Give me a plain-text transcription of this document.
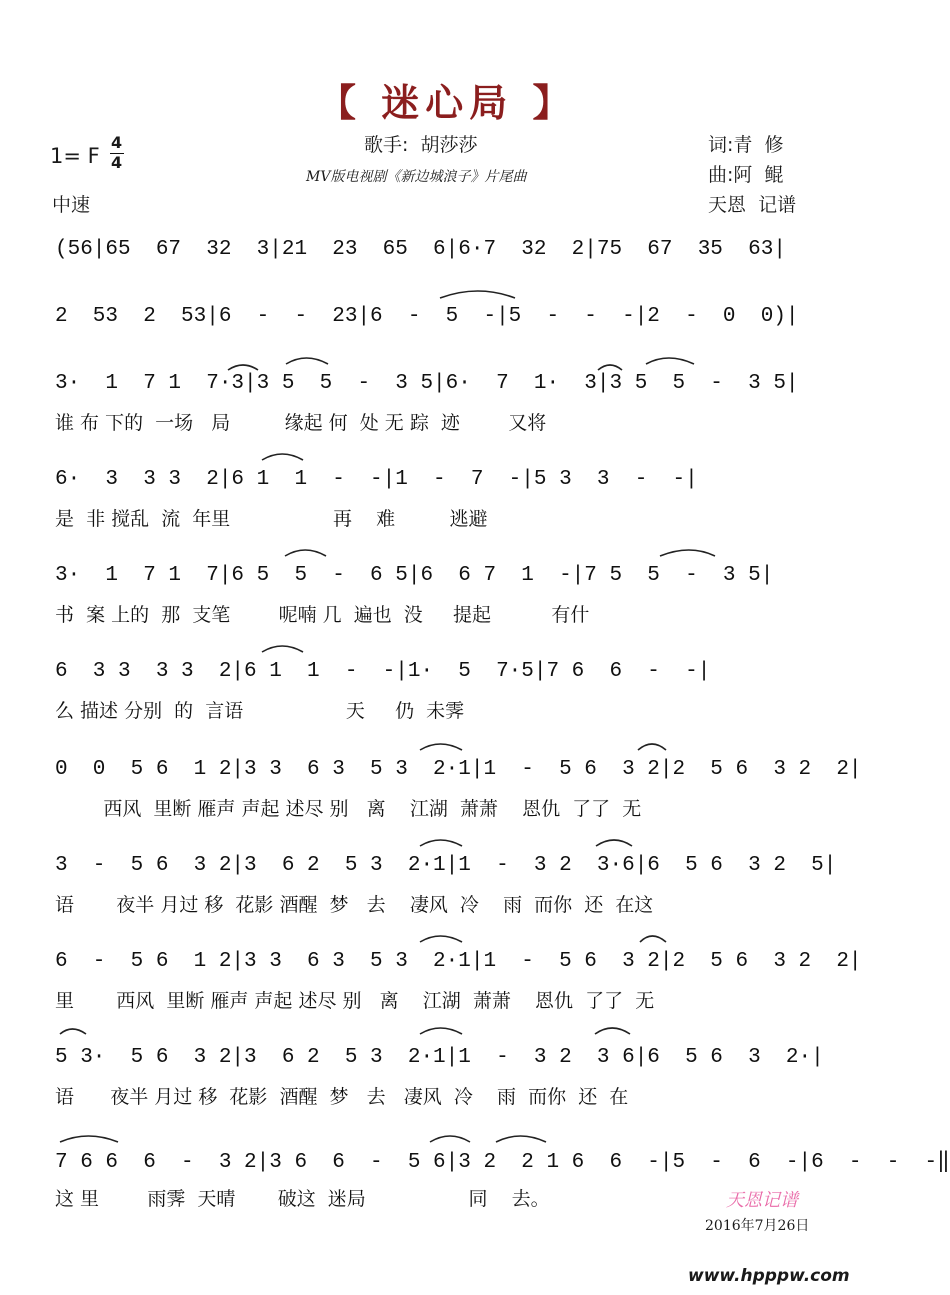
【 迷心局 】
歌手:  胡莎莎
MV版电视剧《新边城浪子》片尾曲
词:青  修
曲:阿  鲲
天恩  记谱
1= F
4
4
中速
(56|65  67  32  3|21  23  65  6|6·7  32  2|75  67  35  63|
2  53  2  53|6  -  -  23|6  -  5  -|5  -  -  -|2  -  0  0)|
3·  1  7 1  7·3|3 5  5  -  3 5|6·  7  1·  3|3 5  5  -  3 5|
谁 布 下的  一场   局         缘起 何  处 无 踪  迹        又将
6·  3  3 3  2|6 1  1  -  -|1  -  7  -|5 3  3  -  -|
是  非 搅乱  流  年里                 再    难         逃避
3·  1  7 1  7|6 5  5  -  6 5|6  6 7  1  -|7 5  5  -  3 5|
书  案 上的  那  支笔        呢喃 几  遍也  没     提起          有什
6  3 3  3 3  2|6 1  1  -  -|1·  5  7·5|7 6  6  -  -|
么 描述 分别  的  言语                 天     仍  未霁
0  0  5 6  1 2|3 3  6 3  5 3  2·1|1  -  5 6  3 2|2  5 6  3 2  2|
西风  里断 雁声 声起 述尽 别   离    江湖  萧萧    恩仇  了了  无
3  -  5 6  3 2|3  6 2  5 3  2·1|1  -  3 2  3·6|6  5 6  3 2  5|
语       夜半 月过 移  花影 酒醒  梦   去    凄风  冷    雨  而你  还  在这
6  -  5 6  1 2|3 3  6 3  5 3  2·1|1  -  5 6  3 2|2  5 6  3 2  2|
里       西风  里断 雁声 声起 述尽 别   离    江湖  萧萧    恩仇  了了  无
5 3·  5 6  3 2|3  6 2  5 3  2·1|1  -  3 2  3 6|6  5 6  3  2·|
语      夜半 月过 移  花影  酒醒  梦   去   凄风  冷    雨  而你  还  在
7 6 6  6  -  3 2|3 6  6  -  5 6|3 2  2 1 6  6  -|5  -  6  -|6  -  -  -‖
这 里        雨霁  天晴       破这  迷局                 同    去。	天恩记谱
2016年7月26日
www.hpppw.com
